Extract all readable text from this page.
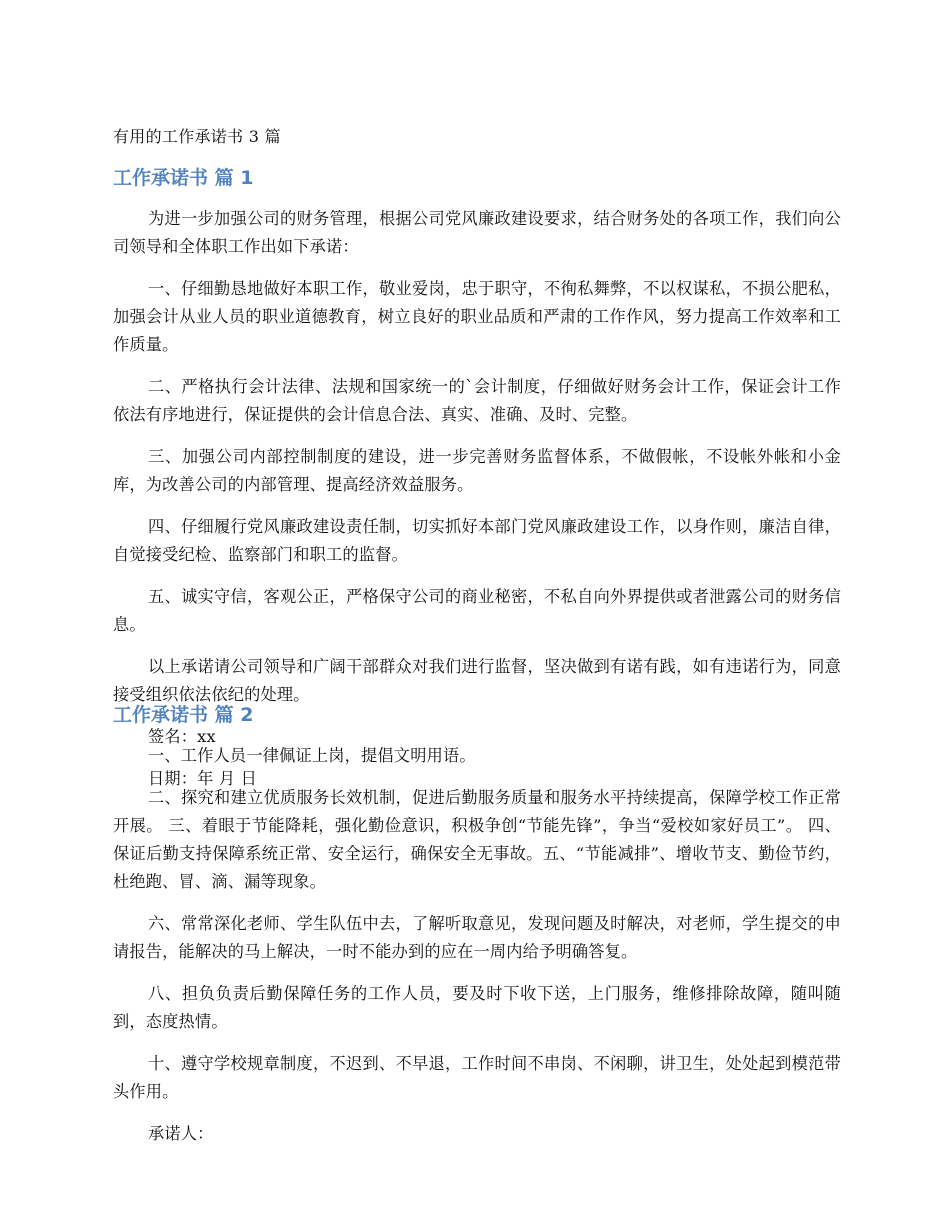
有用的工作承诺书 3 篇
工作承诺书 篇 1

为进一步加强公司的财务管理，根据公司党风廉政建设要求，结合财务处的各项工作，我们向公司领导和全体职工作出如下承诺：

一、仔细勤恳地做好本职工作，敬业爱岗，忠于职守，不徇私舞弊，不以权谋私，不损公肥私，加强会计从业人员的职业道德教育，树立良好的职业品质和严肃的工作作风，努力提高工作效率和工作质量。

二、严格执行会计法律、法规和国家统一的`会计制度，仔细做好财务会计工作，保证会计工作依法有序地进行，保证提供的会计信息合法、真实、准确、及时、完整。

三、加强公司内部控制制度的建设，进一步完善财务监督体系，不做假帐，不设帐外帐和小金库，为改善公司的内部管理、提高经济效益服务。

四、仔细履行党风廉政建设责任制，切实抓好本部门党风廉政建设工作，以身作则，廉洁自律，自觉接受纪检、监察部门和职工的监督。

五、诚实守信，客观公正，严格保守公司的商业秘密，不私自向外界提供或者泄露公司的财务信息。

以上承诺请公司领导和广阔干部群众对我们进行监督，坚决做到有诺有践，如有违诺行为，同意接受组织依法依纪的处理。

签名：xx

日期：年 月 日

工作承诺书 篇 2

一、工作人员一律佩证上岗，提倡文明用语。

二、探究和建立优质服务长效机制，促进后勤服务质量和服务水平持续提高，保障学校工作正常开展。 三、着眼于节能降耗，强化勤俭意识，积极争创“节能先锋”，争当“爱校如家好员工”。 四、保证后勤支持保障系统正常、安全运行，确保安全无事故。五、“节能减排”、增收节支、勤俭节约，杜绝跑、冒、滴、漏等现象。

六、常常深化老师、学生队伍中去，了解听取意见，发现问题及时解决，对老师，学生提交的申请报告，能解决的马上解决，一时不能办到的应在一周内给予明确答复。

八、担负负责后勤保障任务的工作人员，要及时下收下送，上门服务，维修排除故障，随叫随到，态度热情。

十、遵守学校规章制度，不迟到、不早退，工作时间不串岗、不闲聊，讲卫生，处处起到模范带头作用。

承诺人：
